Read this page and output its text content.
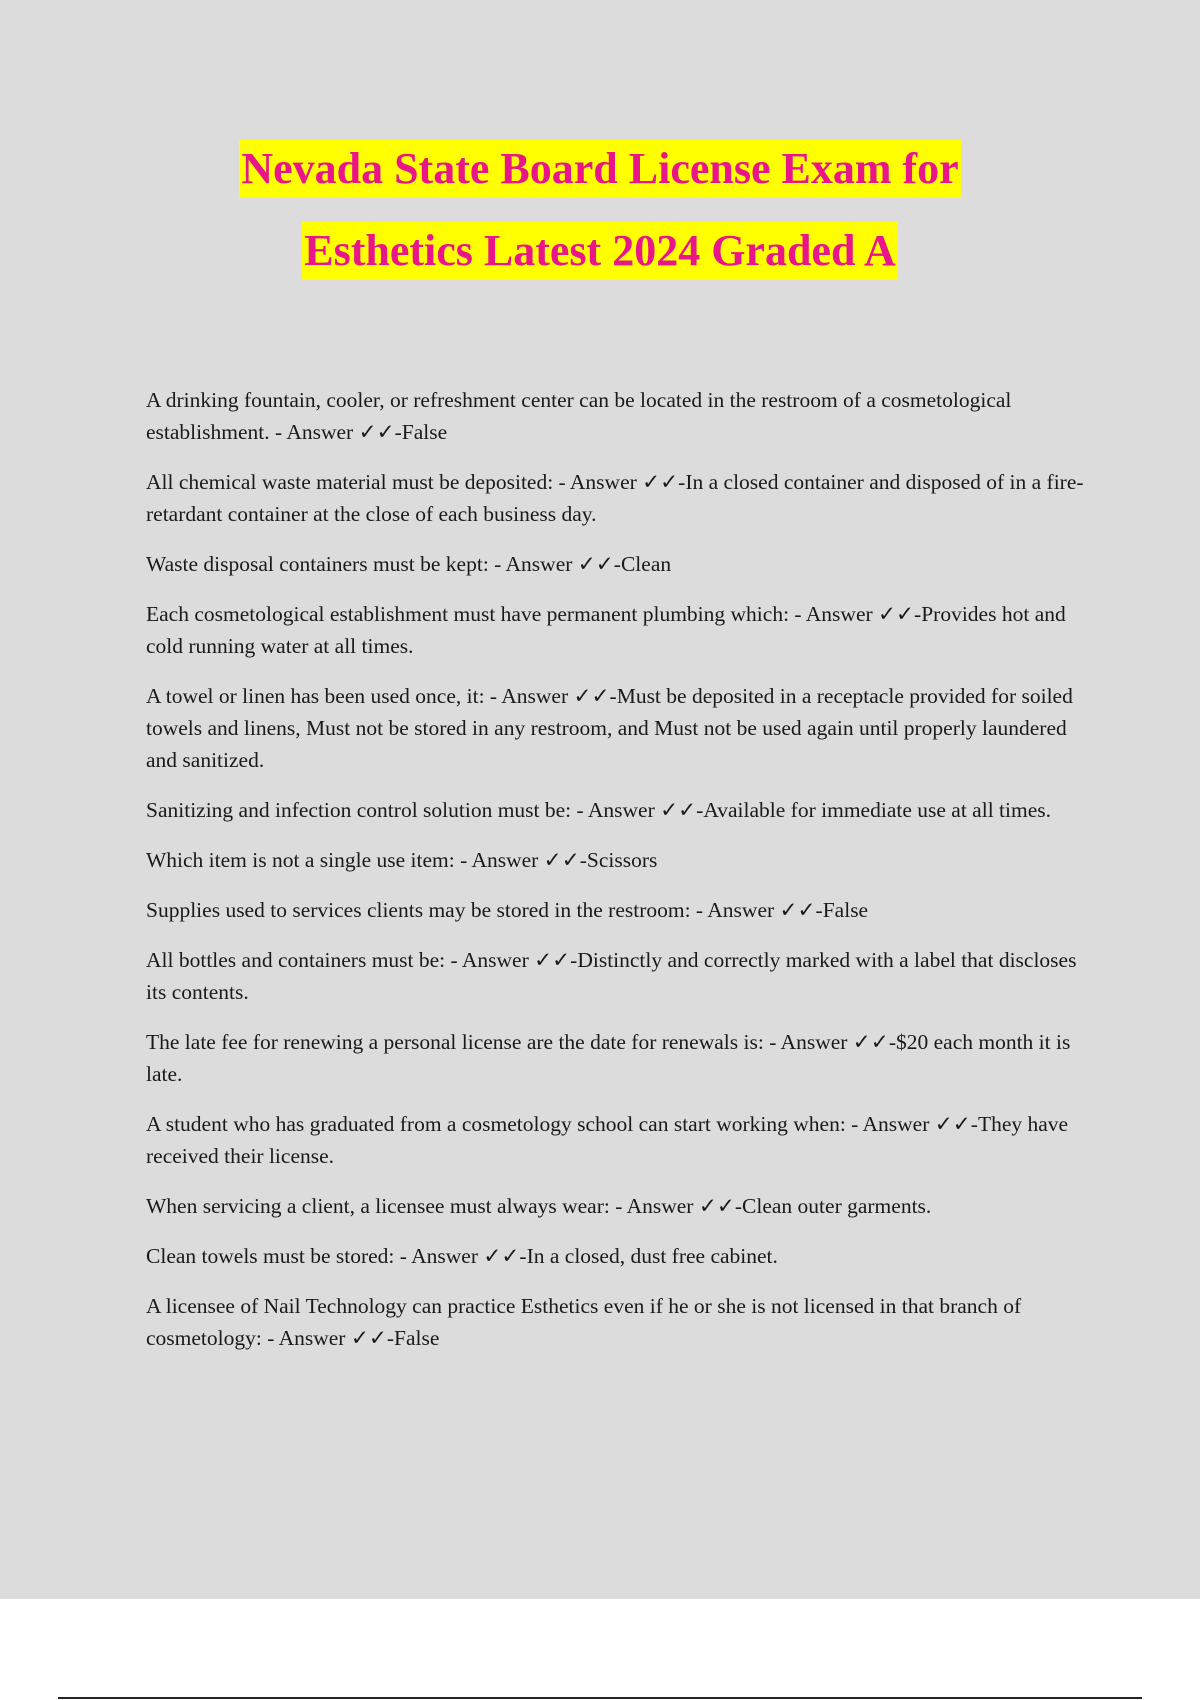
Nevada State Board License Exam for
Esthetics Latest 2024 Graded A

A drinking fountain, cooler, or refreshment center can be located in the restroom of a cosmetological establishment. - Answer ✓✓-False

All chemical waste material must be deposited: - Answer ✓✓-In a closed container and disposed of in a fire-retardant container at the close of each business day.

Waste disposal containers must be kept: - Answer ✓✓-Clean

Each cosmetological establishment must have permanent plumbing which: - Answer ✓✓-Provides hot and cold running water at all times.

A towel or linen has been used once, it: - Answer ✓✓-Must be deposited in a receptacle provided for soiled towels and linens, Must not be stored in any restroom, and Must not be used again until properly laundered and sanitized.

Sanitizing and infection control solution must be: - Answer ✓✓-Available for immediate use at all times.

Which item is not a single use item: - Answer ✓✓-Scissors

Supplies used to services clients may be stored in the restroom: - Answer ✓✓-False

All bottles and containers must be: - Answer ✓✓-Distinctly and correctly marked with a label that discloses its contents.

The late fee for renewing a personal license are the date for renewals is: - Answer ✓✓-$20 each month it is late.

A student who has graduated from a cosmetology school can start working when: - Answer ✓✓-They have received their license.

When servicing a client, a licensee must always wear: - Answer ✓✓-Clean outer garments.

Clean towels must be stored: - Answer ✓✓-In a closed, dust free cabinet.

A licensee of Nail Technology can practice Esthetics even if he or she is not licensed in that branch of cosmetology: - Answer ✓✓-False
